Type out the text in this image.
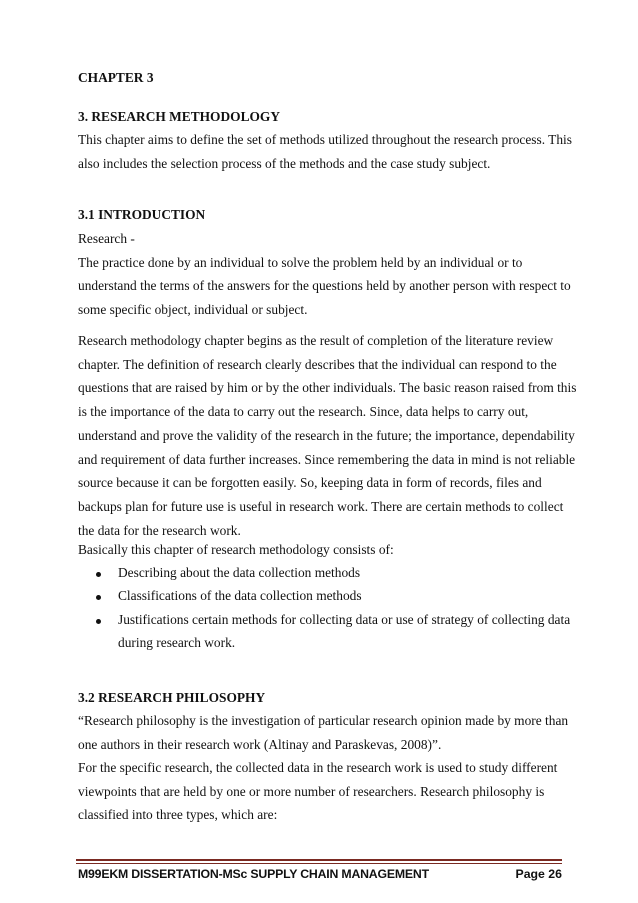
CHAPTER 3
3. RESEARCH METHODOLOGY
This chapter aims to define the set of methods utilized throughout the research process. This
also includes the selection process of the methods and the case study subject.
3.1 INTRODUCTION
Research -
The practice done by an individual to solve the problem held by an individual or to
understand the terms of the answers for the questions held by another person with respect to
some specific object, individual or subject.
Research methodology chapter begins as the result of completion of the literature review
chapter. The definition of research clearly describes that the individual can respond to the
questions that are raised by him or by the other individuals. The basic reason raised from this
is the importance of the data to carry out the research. Since, data helps to carry out,
understand and prove the validity of the research in the future; the importance, dependability
and requirement of data further increases. Since remembering the data in mind is not reliable
source because it can be forgotten easily. So, keeping data in form of records, files and
backups plan for future use is useful in research work. There are certain methods to collect
the data for the research work.
Basically this chapter of research methodology consists of:
Describing about the data collection methods
Classifications of the data collection methods
Justifications certain methods for collecting data or use of strategy of collecting data
during research work.
3.2 RESEARCH PHILOSOPHY
“Research philosophy is the investigation of particular research opinion made by more than
one authors in their research work (Altinay and Paraskevas, 2008)”.
For the specific research, the collected data in the research work is used to study different
viewpoints that are held by one or more number of researchers. Research philosophy is
classified into three types, which are:
M99EKM DISSERTATION-MSc SUPPLY CHAIN MANAGEMENT	Page 26
